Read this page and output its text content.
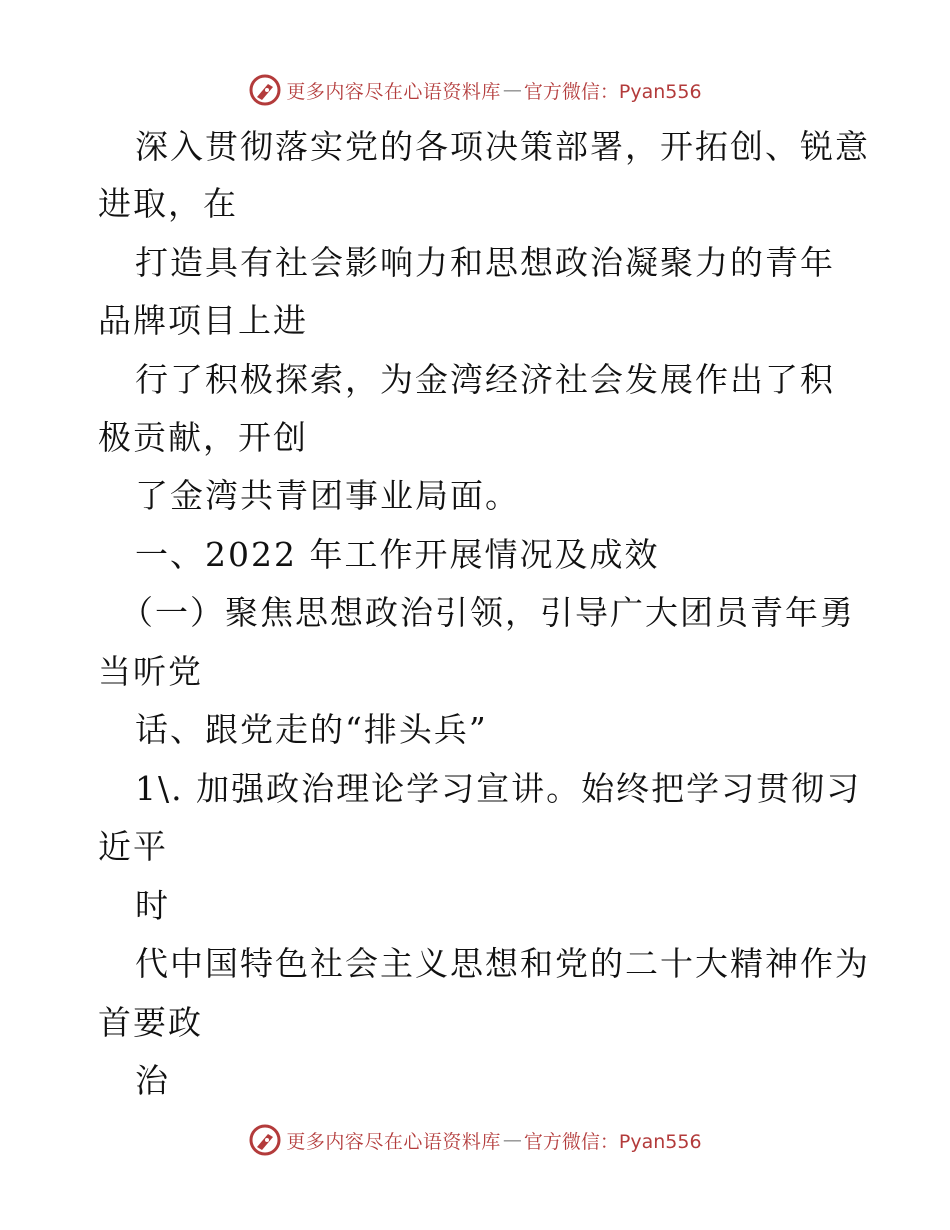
更多内容尽在心语资料库 — 官方微信：Pyan556
深入贯彻落实党的各项决策部署，开拓创、锐意
进取，在
打造具有社会影响力和思想政治凝聚力的青年
品牌项目上进
行了积极探索，为金湾经济社会发展作出了积
极贡献，开创
了金湾共青团事业局面。
一、2022 年工作开展情况及成效
（一）聚焦思想政治引领，引导广大团员青年勇
当听党
话、跟党走的“排头兵”
1\. 加强政治理论学习宣讲。始终把学习贯彻习
近平
时
代中国特色社会主义思想和党的二十大精神作为
首要政
治
更多内容尽在心语资料库 — 官方微信：Pyan556
